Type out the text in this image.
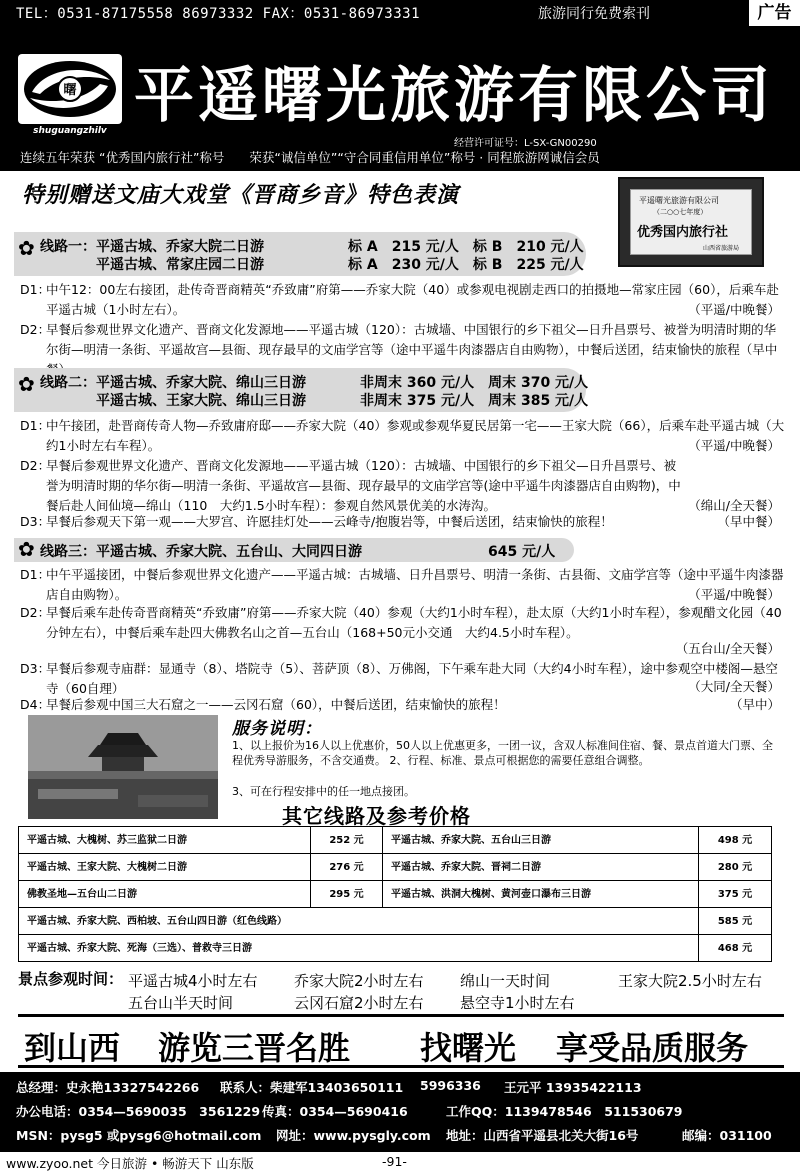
TEL：0531-87175558 86973332 FAX：0531-86973331	旅游同行免费索刊	广告
曙
shuguangzhilv 平遥曙光旅游有限公司
经营许可证号：L-SX-GN00290
连续五年荣获 “优秀国内旅行社”称号　　荣获“诚信单位”“守合同重信用单位”称号 · 同程旅游网诚信会员
特别赠送文庙大戏堂《晋商乡音》特色表演	平遥曙光旅游有限公司
（二○○七年度）
优秀国内旅行社
山西省旅游局
✿ 线路一：平遥古城、乔家大院二日游	标 A　215 元/人　标 B　210 元/人
　　　　平遥古城、常家庄园二日游	标 A　230 元/人　标 B　225 元/人
D1：
中午12：00左右接团，赴传奇晋商精英“乔致庸”府第——乔家大院（40）或参观电视剧走西口的拍摄地—常家庄园（60），后乘车赴平遥古城（1小时左右）。	（平遥/中晚餐）
D2：
早餐后参观世界文化遗产、晋商文化发源地——平遥古城（120）：古城墙、中国银行的乡下祖父—日升昌票号、被誉为明清时期的华尔街—明清一条街、平遥故宫—县衙、现存最早的文庙学宫等（途中平遥牛肉漆器店自由购物），中餐后送团，结束愉快的旅程（早中
✿ 线路二：平遥古城、乔家大院、绵山三日游	非周末 360 元/人　周末 370 元/人
　　　　平遥古城、王家大院、绵山三日游	非周末 375 元/人　周末 385 元/人
D1：
中午接团，赴晋商传奇人物—乔致庸府邸——乔家大院（40）参观或参观华夏民居第一宅——王家大院（66），后乘车赴平遥古城（大约1小时左右车程）。	（平遥/中晚餐）
D2：
早餐后参观世界文化遗产、晋商文化发源地——平遥古城（120）：古城墙、中国银行的乡下祖父—日升昌票号、被誉为明清时期的华尔街—明清一条街、平遥故宫—县衙、现存最早的文庙学宫等(途中平遥牛肉漆器店自由购物)，中餐后赴人间仙境—绵山（110　大约1.5小时车程）：参观自然风景优美的水涛沟。	（绵山/全天餐）
D3：
早餐后参观天下第一观——大罗宫、许愿挂灯处——云峰寺/抱腹岩等，中餐后送团，结束愉快的旅程！	（早中餐）
✿ 线路三：平遥古城、乔家大院、五台山、大同四日游	645 元/人
D1：
中午平遥接团，中餐后参观世界文化遗产——平遥古城：古城墙、日升昌票号、明清一条街、古县衙、文庙学宫等（途中平遥牛肉漆器店自由购物）。	（平遥/中晚餐）
D2：
早餐后乘车赴传奇晋商精英“乔致庸”府第——乔家大院（40）参观（大约1小时车程），赴太原（大约1小时车程），参观醋文化园（40分钟左右），中餐后乘车赴四大佛教名山之首—五台山（168+50元小交通　大约4.5小时车程）。
（五台山/全天餐）
D3：
早餐后参观寺庙群：显通寺（8）、塔院寺（5）、菩萨顶（8）、万佛阁，下午乘车赴大同（大约4小时车程），途中参观空中楼阁—悬空寺（60自理）	（大同/全天餐）
D4：
早餐后参观中国三大石窟之一——云冈石窟（60），中餐后送团，结束愉快的旅程！	（早中）
服务说明：
1、以上报价为16人以上优惠价，50人以上优惠更多，一团一议，含双人标准间住宿、餐、景点首道大门票、全程优秀导游服务，不含交通费。 2、行程、标准、景点可根据您的需要任意组合调整。
3、可在行程安排中的任一地点接团。
其它线路及参考价格
平遥古城、大槐树、苏三监狱二日游	252 元	平遥古城、乔家大院、五台山三日游	498 元
平遥古城、王家大院、大槐树二日游	276 元	平遥古城、乔家大院、晋祠二日游	280 元
佛教圣地—五台山二日游	295 元	平遥古城、洪洞大槐树、黄河壶口瀑布三日游	375 元
平遥古城、乔家大院、西柏坡、五台山四日游（红色线路）	585 元
平遥古城、乔家大院、死海（三选）、普救寺三日游	468 元
景点参观时间： 平遥古城4小时左右 乔家大院2小时左右 绵山一天时间	王家大院2.5小时左右
五台山半天时间	云冈石窟2小时左右 悬空寺1小时左右
到山西 游览三晋名胜 找曙光 享受品质服务
总经理：史永艳13327542266 联系人：柴建军13403650111 5996336 王元平 13935422113
办公电话：0354—5690035　3561229 传真：0354—5690416	工作QQ：1139478546　511530679
MSN：pysg5 或pysg6@hotmail.com 网址：www.pysgly.com 地址：山西省平遥县北关大街16号	邮编：031100
www.zyoo.net 今日旅游 • 畅游天下 山东版	-91-
